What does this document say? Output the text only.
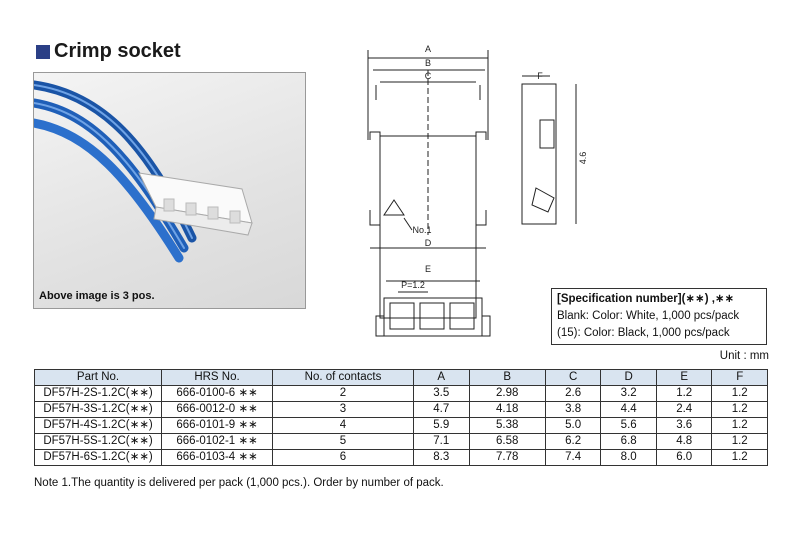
Crimp socket
Above image is 3 pos.
A
B
C
D
No.1
F
E
P=1.2
4.6
[Specification number](∗∗) ,∗∗
Blank: Color: White, 1,000 pcs/pack
(15): Color: Black, 1,000 pcs/pack
Unit : mm
Part No.	HRS No.	No. of contacts	A	B	C	D	E	F
DF57H-2S-1.2C(∗∗)	666-0100-6 ∗∗	2	3.5	2.98	2.6	3.2	1.2	1.2
DF57H-3S-1.2C(∗∗)	666-0012-0 ∗∗	3	4.7	4.18	3.8	4.4	2.4	1.2
DF57H-4S-1.2C(∗∗)	666-0101-9 ∗∗	4	5.9	5.38	5.0	5.6	3.6	1.2
DF57H-5S-1.2C(∗∗)	666-0102-1 ∗∗	5	7.1	6.58	6.2	6.8	4.8	1.2
DF57H-6S-1.2C(∗∗)	666-0103-4 ∗∗	6	8.3	7.78	7.4	8.0	6.0	1.2
Note 1.The quantity is delivered per pack (1,000 pcs.). Order by number of pack.
